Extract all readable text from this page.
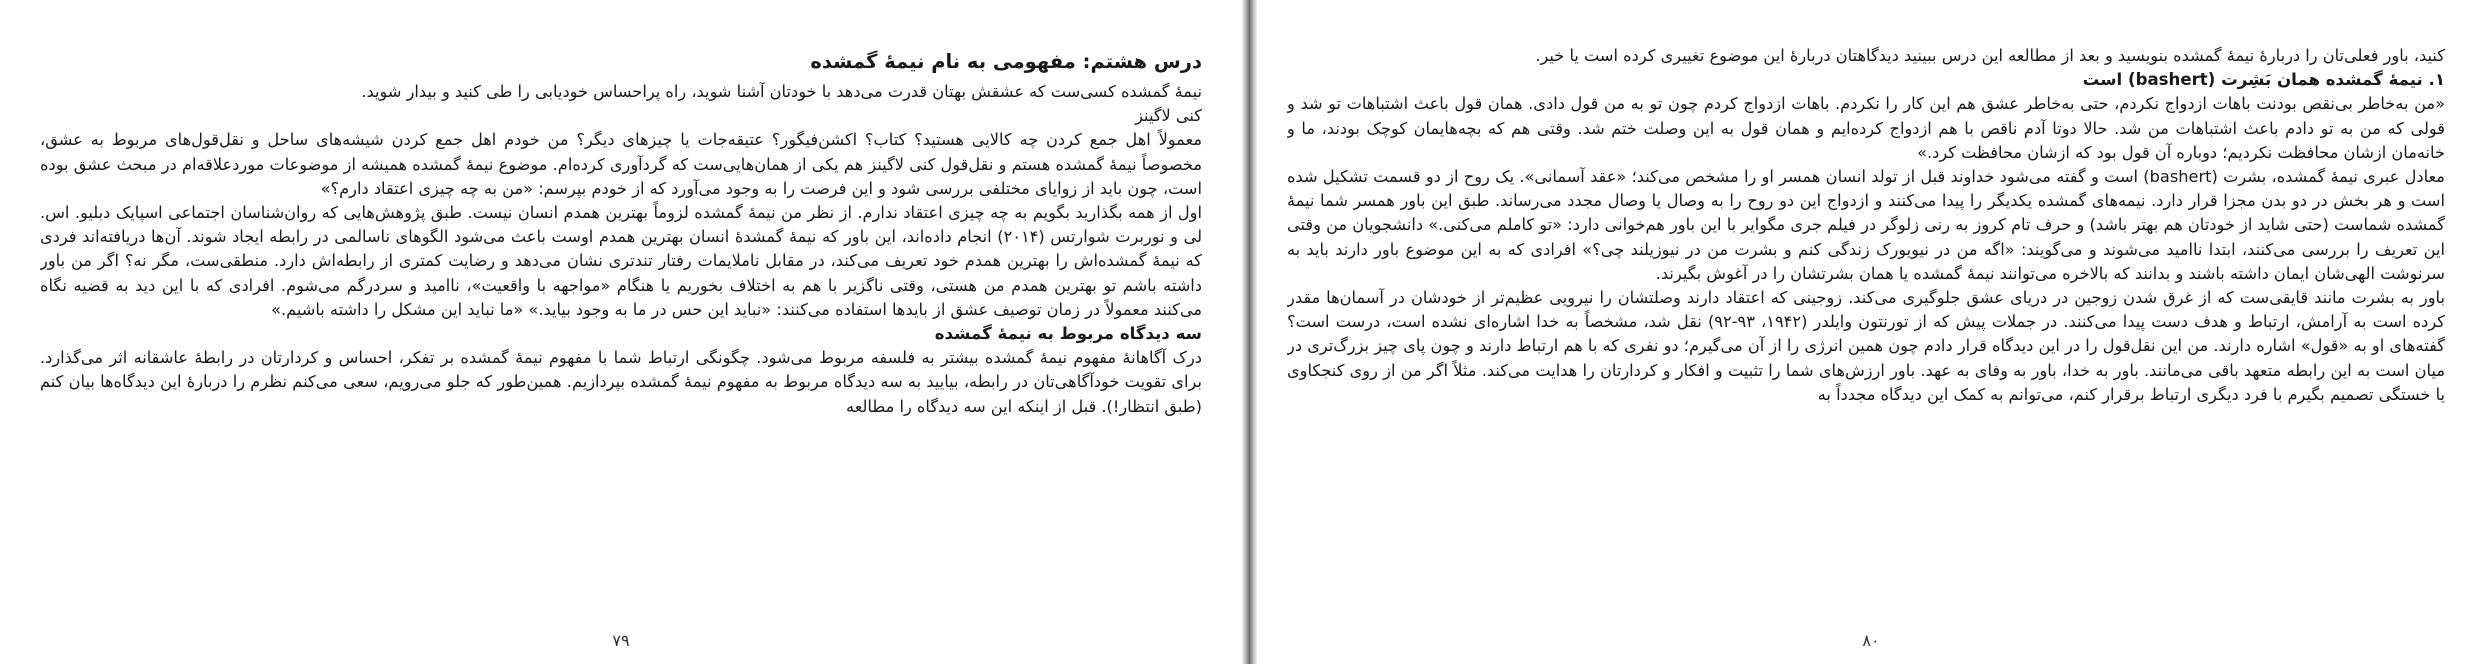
درس هشتم: مفهومی به نام نیمهٔ گمشده

نیمهٔ گمشده کسی‌ست که عشقش بهتان قدرت می‌دهد با خودتان آشنا شوید، راه پراحساس خودیابی را طی کنید و بیدار شوید.

کنی لاگینز

معمولاً اهل جمع کردن چه کالایی هستید؟ کتاب؟ اکشن‌فیگور؟ عتیقه‌جات یا چیزهای دیگر؟ من خودم اهل جمع کردن شیشه‌های ساحل و نقل‌قول‌های مربوط به عشق، مخصوصاً نیمهٔ گمشده هستم و نقل‌قول کنی لاگینز هم یکی از همان‌هایی‌ست که گردآوری کرده‌ام. موضوع نیمهٔ گمشده همیشه از موضوعات موردعلاقه‌ام در مبحث عشق بوده است، چون باید از زوایای مختلفی بررسی شود و این فرصت را به وجود می‌آورد که از خودم بپرسم: «من به چه چیزی اعتقاد دارم؟»

اول از همه بگذارید بگویم به چه چیزی اعتقاد ندارم. از نظر من نیمهٔ گمشده لزوماً بهترین همدم انسان نیست. طبق پژوهش‌هایی که روان‌شناسان اجتماعی اسپایک دبلیو. اس. لی و نوربرت شوارتس (۲۰۱۴) انجام داده‌اند، این باور که نیمهٔ گمشدهٔ انسان بهترین همدم اوست باعث می‌شود الگوهای ناسالمی در رابطه ایجاد شوند. آن‌ها دریافته‌اند فردی که نیمهٔ گمشده‌اش را بهترین همدم خود تعریف می‌کند، در مقابل ناملایمات رفتار تندتری نشان می‌دهد و رضایت کمتری از رابطه‌اش دارد. منطقی‌ست، مگر نه؟ اگر من باور داشته باشم تو بهترین همدم من هستی، وقتی ناگزیر با هم به اختلاف بخوریم یا هنگام «مواجهه با واقعیت»، ناامید و سردرگم می‌شوم. افرادی که با این دید به قضیه نگاه می‌کنند معمولاً در زمان توصیف عشق از بایدها استفاده می‌کنند: «نباید این حس در ما به وجود بیاید.» «ما نباید این مشکل را داشته باشیم.»

سه دیدگاه مربوط به نیمهٔ گمشده

درک آگاهانهٔ مفهوم نیمهٔ گمشده بیشتر به فلسفه مربوط می‌شود. چگونگی ارتباط شما با مفهوم نیمهٔ گمشده بر تفکر، احساس و کردارتان در رابطهٔ عاشقانه اثر می‌گذارد. برای تقویت خودآگاهی‌تان در رابطه، بیایید به سه دیدگاه مربوط به مفهوم نیمهٔ گمشده بپردازیم. همین‌طور که جلو می‌رویم، سعی می‌کنم نظرم را دربارهٔ این دیدگاه‌ها بیان کنم (طبق انتظار!). قبل از اینکه این سه دیدگاه را مطالعه

۷۹

کنید، باور فعلی‌تان را دربارهٔ نیمهٔ گمشده بنویسید و بعد از مطالعه این درس ببینید دیدگاهتان دربارهٔ این موضوع تغییری کرده است یا خیر.

۱. نیمهٔ گمشده همان بَشِرت (bashert) است

«من به‌خاطر بی‌نقص بودنت باهات ازدواج نکردم، حتی به‌خاطر عشق هم این کار را نکردم. باهات ازدواج کردم چون تو به من قول دادی. همان قول باعث اشتباهات تو شد و قولی که من به تو دادم باعث اشتباهات من شد. حالا دوتا آدم ناقص با هم ازدواج کرده‌ایم و همان قول به این وصلت ختم شد. وقتی هم که بچه‌هایمان کوچک بودند، ما و خانه‌مان ازشان محافظت نکردیم؛ دوباره آن قول بود که ازشان محافظت کرد.»

معادل عبری نیمهٔ گمشده، بشرت (bashert) است و گفته می‌شود خداوند قبل از تولد انسان همسر او را مشخص می‌کند؛ «عقد آسمانی». یک روح از دو قسمت تشکیل شده است و هر بخش در دو بدن مجزا قرار دارد. نیمه‌های گمشده یکدیگر را پیدا می‌کنند و ازدواج این دو روح را به وصال یا وصال مجدد می‌رساند. طبق این باور همسر شما نیمهٔ گمشده شماست (حتی شاید از خودتان هم بهتر باشد) و حرف تام کروز به رنی زلوگر در فیلم جری مگوایر با این باور هم‌خوانی دارد: «تو کاملم می‌کنی.» دانشجویان من وقتی این تعریف را بررسی می‌کنند، ابتدا ناامید می‌شوند و می‌گویند: «اگه من در نیویورک زندگی کنم و بشرت من در نیوزیلند چی؟» افرادی که به این موضوع باور دارند باید به سرنوشت الهی‌شان ایمان داشته باشند و بدانند که بالاخره می‌توانند نیمهٔ گمشده یا همان بشرتشان را در آغوش بگیرند.

باور به بشرت مانند قایقی‌ست که از غرق شدن زوجین در دریای عشق جلوگیری می‌کند. زوجینی که اعتقاد دارند وصلتشان را نیرویی عظیم‌تر از خودشان در آسمان‌ها مقدر کرده است به آرامش، ارتباط و هدف دست پیدا می‌کنند. در جملات پیش که از تورنتون وایلدر (۱۹۴۲، ۹۳-۹۲) نقل شد، مشخصاً به خدا اشاره‌ای نشده است، درست است؟ گفته‌های او به «قول» اشاره دارند. من این نقل‌قول را در این دیدگاه قرار دادم چون همین انرژی را از آن می‌گیرم؛ دو نفری که با هم ارتباط دارند و چون پای چیز بزرگ‌تری در میان است به این رابطه متعهد باقی می‌مانند. باور به خدا، باور به وفای به عهد. باور ارزش‌های شما را تثبیت و افکار و کردارتان را هدایت می‌کند. مثلاً اگر من از روی کنجکاوی یا خستگی تصمیم بگیرم با فرد دیگری ارتباط برقرار کنم، می‌توانم به کمک این دیدگاه مجدداً به

۸۰
